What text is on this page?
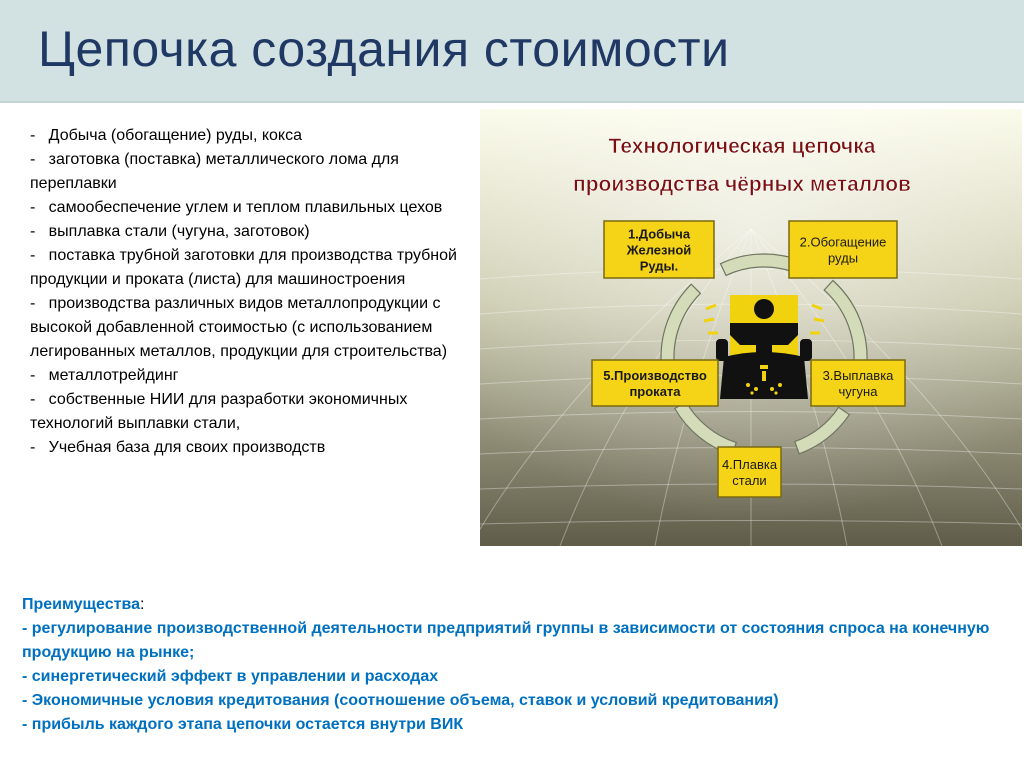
Цепочка создания стоимости
- Добыча (обогащение) руды, кокса
- заготовка (поставка) металлического лома для переплавки
- самообеспечение углем и теплом плавильных цехов
- выплавка стали (чугуна, заготовок)
- поставка трубной заготовки для производства трубной продукции и проката (листа) для машиностроения
- производства различных видов металлопродукции с высокой добавленной стоимостью (с использованием легированных металлов, продукции для строительства)
- металлотрейдинг
- собственные НИИ для разработки экономичных технологий выплавки стали,
- Учебная база для своих производств
Технологическая цепочка
производства чёрных металлов
1.Добыча
Железной
Руды.
2.Обогащение
руды
3.Выплавка
чугуна
4.Плавка
стали
5.Производство
проката
Преимущества:
- регулирование производственной деятельности предприятий группы в зависимости от состояния спроса на конечную продукцию на рынке;
- синергетический эффект в управлении и расходах
- Экономичные условия кредитования (соотношение объема, ставок и условий кредитования)
- прибыль каждого этапа цепочки остается внутри ВИК
